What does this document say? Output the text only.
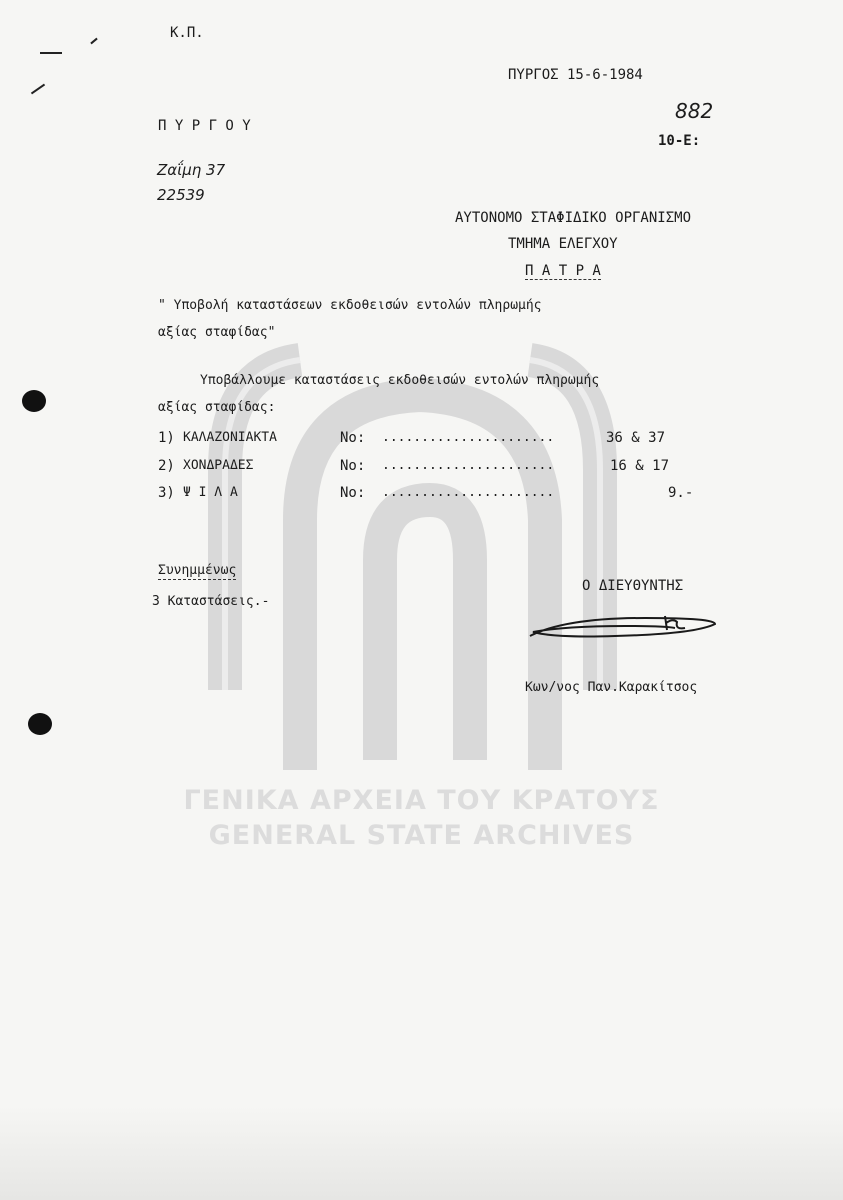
ΓΕΝΙΚΑ ΑΡΧΕΙΑ ΤΟΥ ΚΡΑΤΟΥΣ
GENERAL STATE ARCHIVES
Κ.Π.
ΠΥΡΓΟΣ 15-6-1984
882
10-Ε:
Π Υ Ρ Γ Ο Υ
Ζαΐμη 37
22539
ΑΥΤΟΝΟΜΟ ΣΤΑΦΙΔΙΚΟ ΟΡΓΑΝΙΣΜΟ
ΤΜΗΜΑ ΕΛΕΓΧΟΥ
Π Α Τ Ρ Α
" Υποβολή καταστάσεων εκδοθεισών εντολών πληρωμής
αξίας σταφίδας"
Υποβάλλουμε καταστάσεις εκδοθεισών εντολών πληρωμής
αξίας σταφίδας:
1) ΚΑΛΑΖΟΝΙΑΚΤΑ	Νο: ......................	36 & 37
2) ΧΟΝΔΡΑΔΕΣ	Νο: ......................	16 & 17
3) Ψ Ι Λ Α	Νο: ......................	9.-
Συνημμένως
3 Καταστάσεις.-
Ο ΔΙΕΥΘΥΝΤΗΣ
Κων/νος Παν.Καρακίτσος
